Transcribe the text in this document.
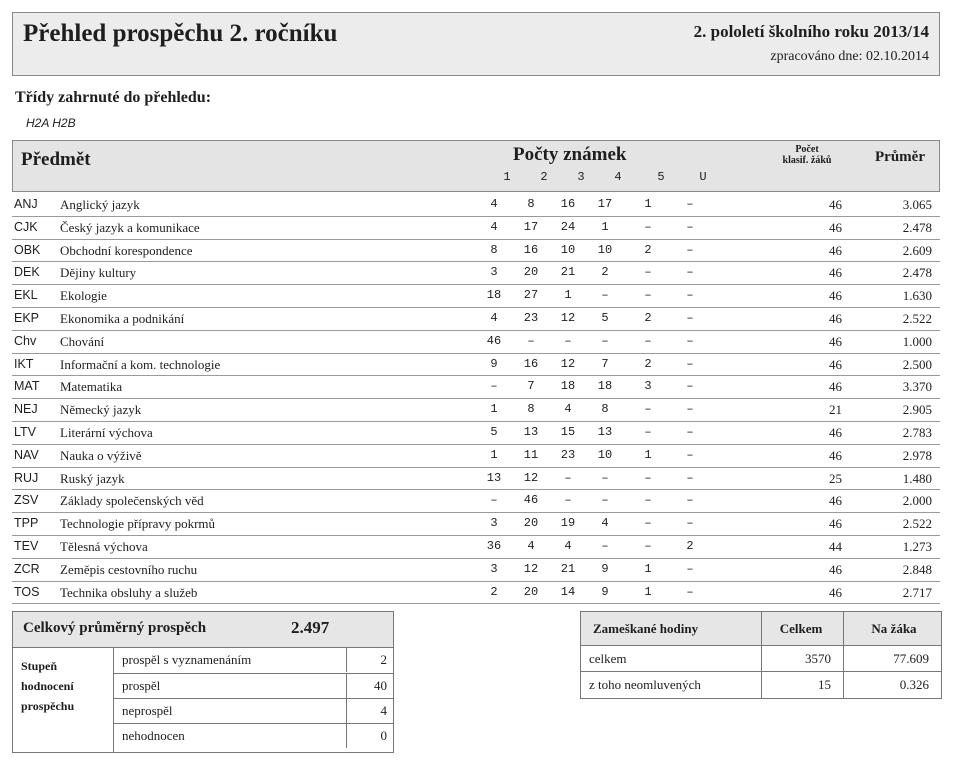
Přehled prospěchu 2. ročníku	2. pololetí školního roku 2013/14
zpracováno dne: 02.10.2014
Třídy zahrnuté do přehledu:
H2A H2B
Předmět	Počty známek
1	2	3	4	5	U
Počet
klasif. žáků	Průměr
ANJ Anglický jazyk	4	8	16	17	1	–	46	3.065
CJK Český jazyk a komunikace	4	17	24	1	–	–	46	2.478
OBK Obchodní korespondence	8	16	10	10	2	–	46	2.609
DEK Dějiny kultury	3	20	21	2	–	–	46	2.478
EKL Ekologie	18	27	1	–	–	–	46	1.630
EKP Ekonomika a podnikání	4	23	12	5	2	–	46	2.522
Chv Chování	46	–	–	–	–	–	46	1.000
IKT Informační a kom. technologie	9	16	12	7	2	–	46	2.500
MAT Matematika	–	7	18	18	3	–	46	3.370
NEJ Německý jazyk	1	8	4	8	–	–	21	2.905
LTV Literární výchova	5	13	15	13	–	–	46	2.783
NAV Nauka o výživě	1	11	23	10	1	–	46	2.978
RUJ Ruský jazyk	13	12	–	–	–	–	25	1.480
ZSV Základy společenských věd	–	46	–	–	–	–	46	2.000
TPP Technologie přípravy pokrmů	3	20	19	4	–	–	46	2.522
TEV Tělesná výchova	36	4	4	–	–	2	44	1.273
ZCR Zeměpis cestovního ruchu	3	12	21	9	1	–	46	2.848
TOS Technika obsluhy a služeb	2	20	14	9	1	–	46	2.717
Celkový průměrný prospěch	2.497
Stupeň
hodnocení
prospěchu
prospěl s vyznamenáním	2
prospěl	40
neprospěl	4
nehodnocen	0
Zameškané hodiny	Celkem	Na žáka
celkem	3570	77.609
z toho neomluvených	15	0.326
